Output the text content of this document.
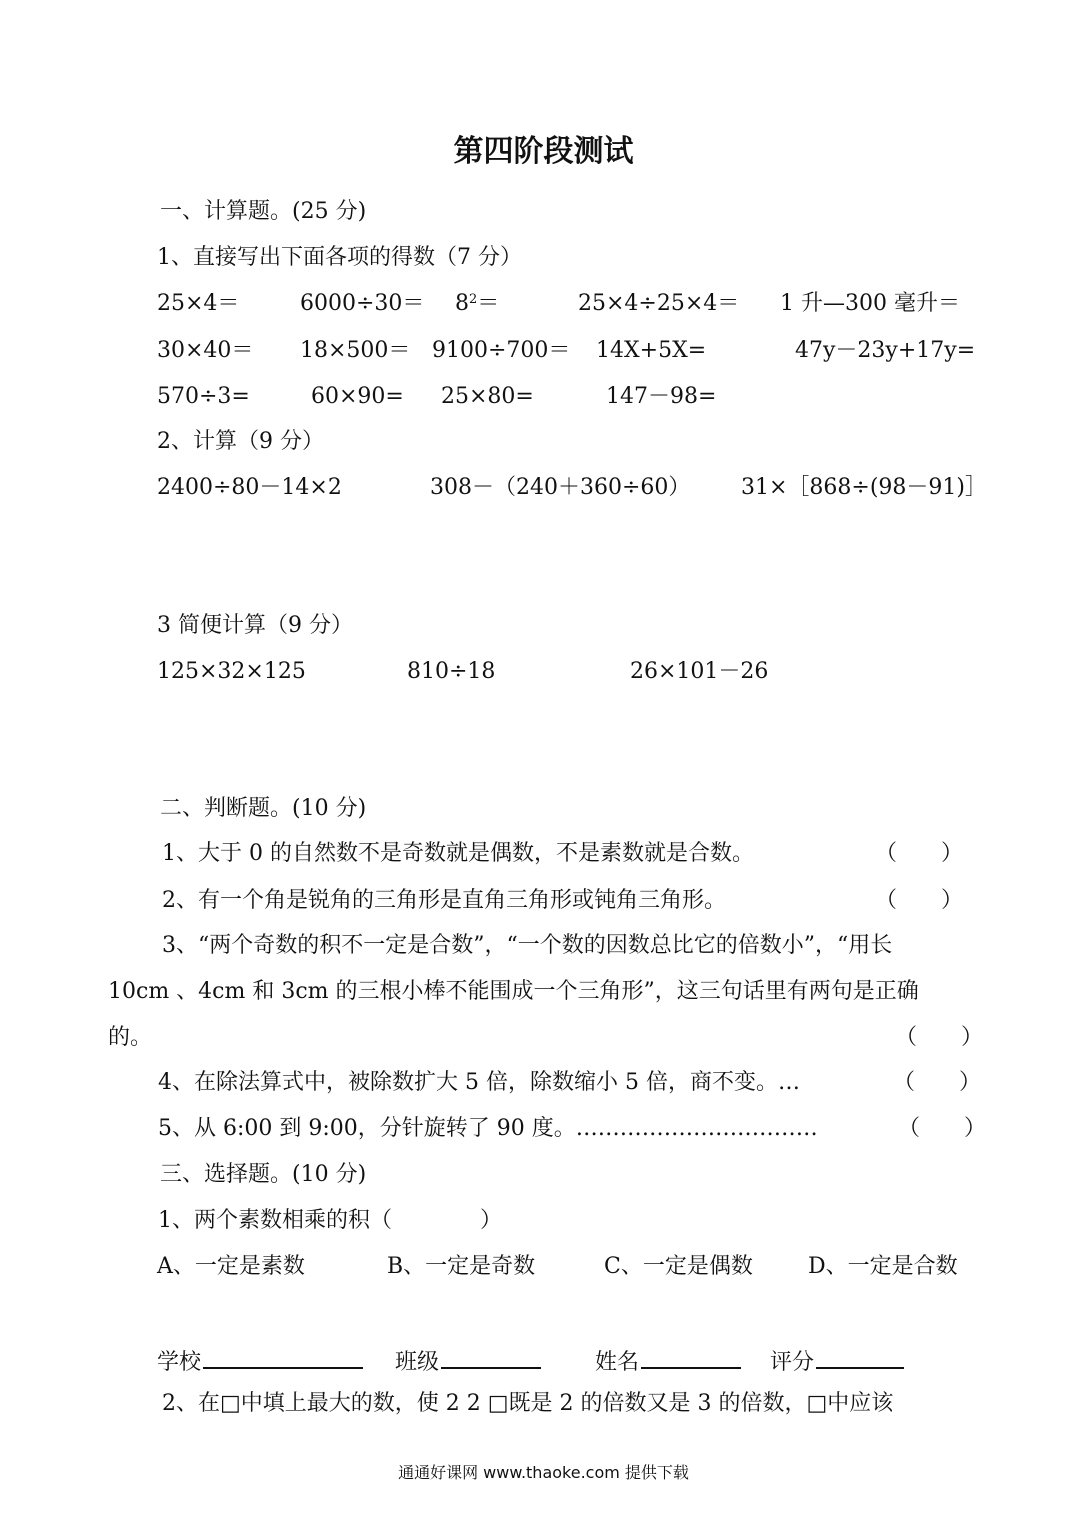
第四阶段测试
一、计算题。(25 分)
1、直接写出下面各项的得数（7 分）
25×4＝	$6000\div 30= 8^2=$	25×4÷25×4＝ 1 升—300 毫升＝
30×40＝ 18×500＝ 9100÷700＝ 14X+5X=	47y－23y+17y=
570÷3=	60×90= 25×80=	147－98=
2、计算（9 分）
2400÷80－14×2	308－（240＋360÷60） 31×［868÷(98－91)］
3 简便计算（9 分）
125×32×125	810÷18	26×101－26
二、判断题。(10 分)
1、大于 0 的自然数不是奇数就是偶数，不是素数就是合数。	（　　）
2、有一个角是锐角的三角形是直角三角形或钝角三角形。	（　　）
3、“两个奇数的积不一定是合数”，“一个数的因数总比它的倍数小”，“用长
10cm 、4cm 和 3cm 的三根小棒不能围成一个三角形”，这三句话里有两句是正确
的。	（　　）
4、在除法算式中，被除数扩大 5 倍，除数缩小 5 倍，商不变。…	（　　）
5、从 6:00 到 9:00，分针旋转了 90 度。……………………………	（　　）
三、选择题。(10 分)
1、两个素数相乘的积（　　　　）
A、一定是素数	B、一定是奇数	C、一定是偶数	D、一定是合数
学校	班级	姓名	评分
2、在□中填上最大的数，使 2 2 □既是 2 的倍数又是 3 的倍数，□中应该
通通好课网 www.thaoke.com 提供下载
